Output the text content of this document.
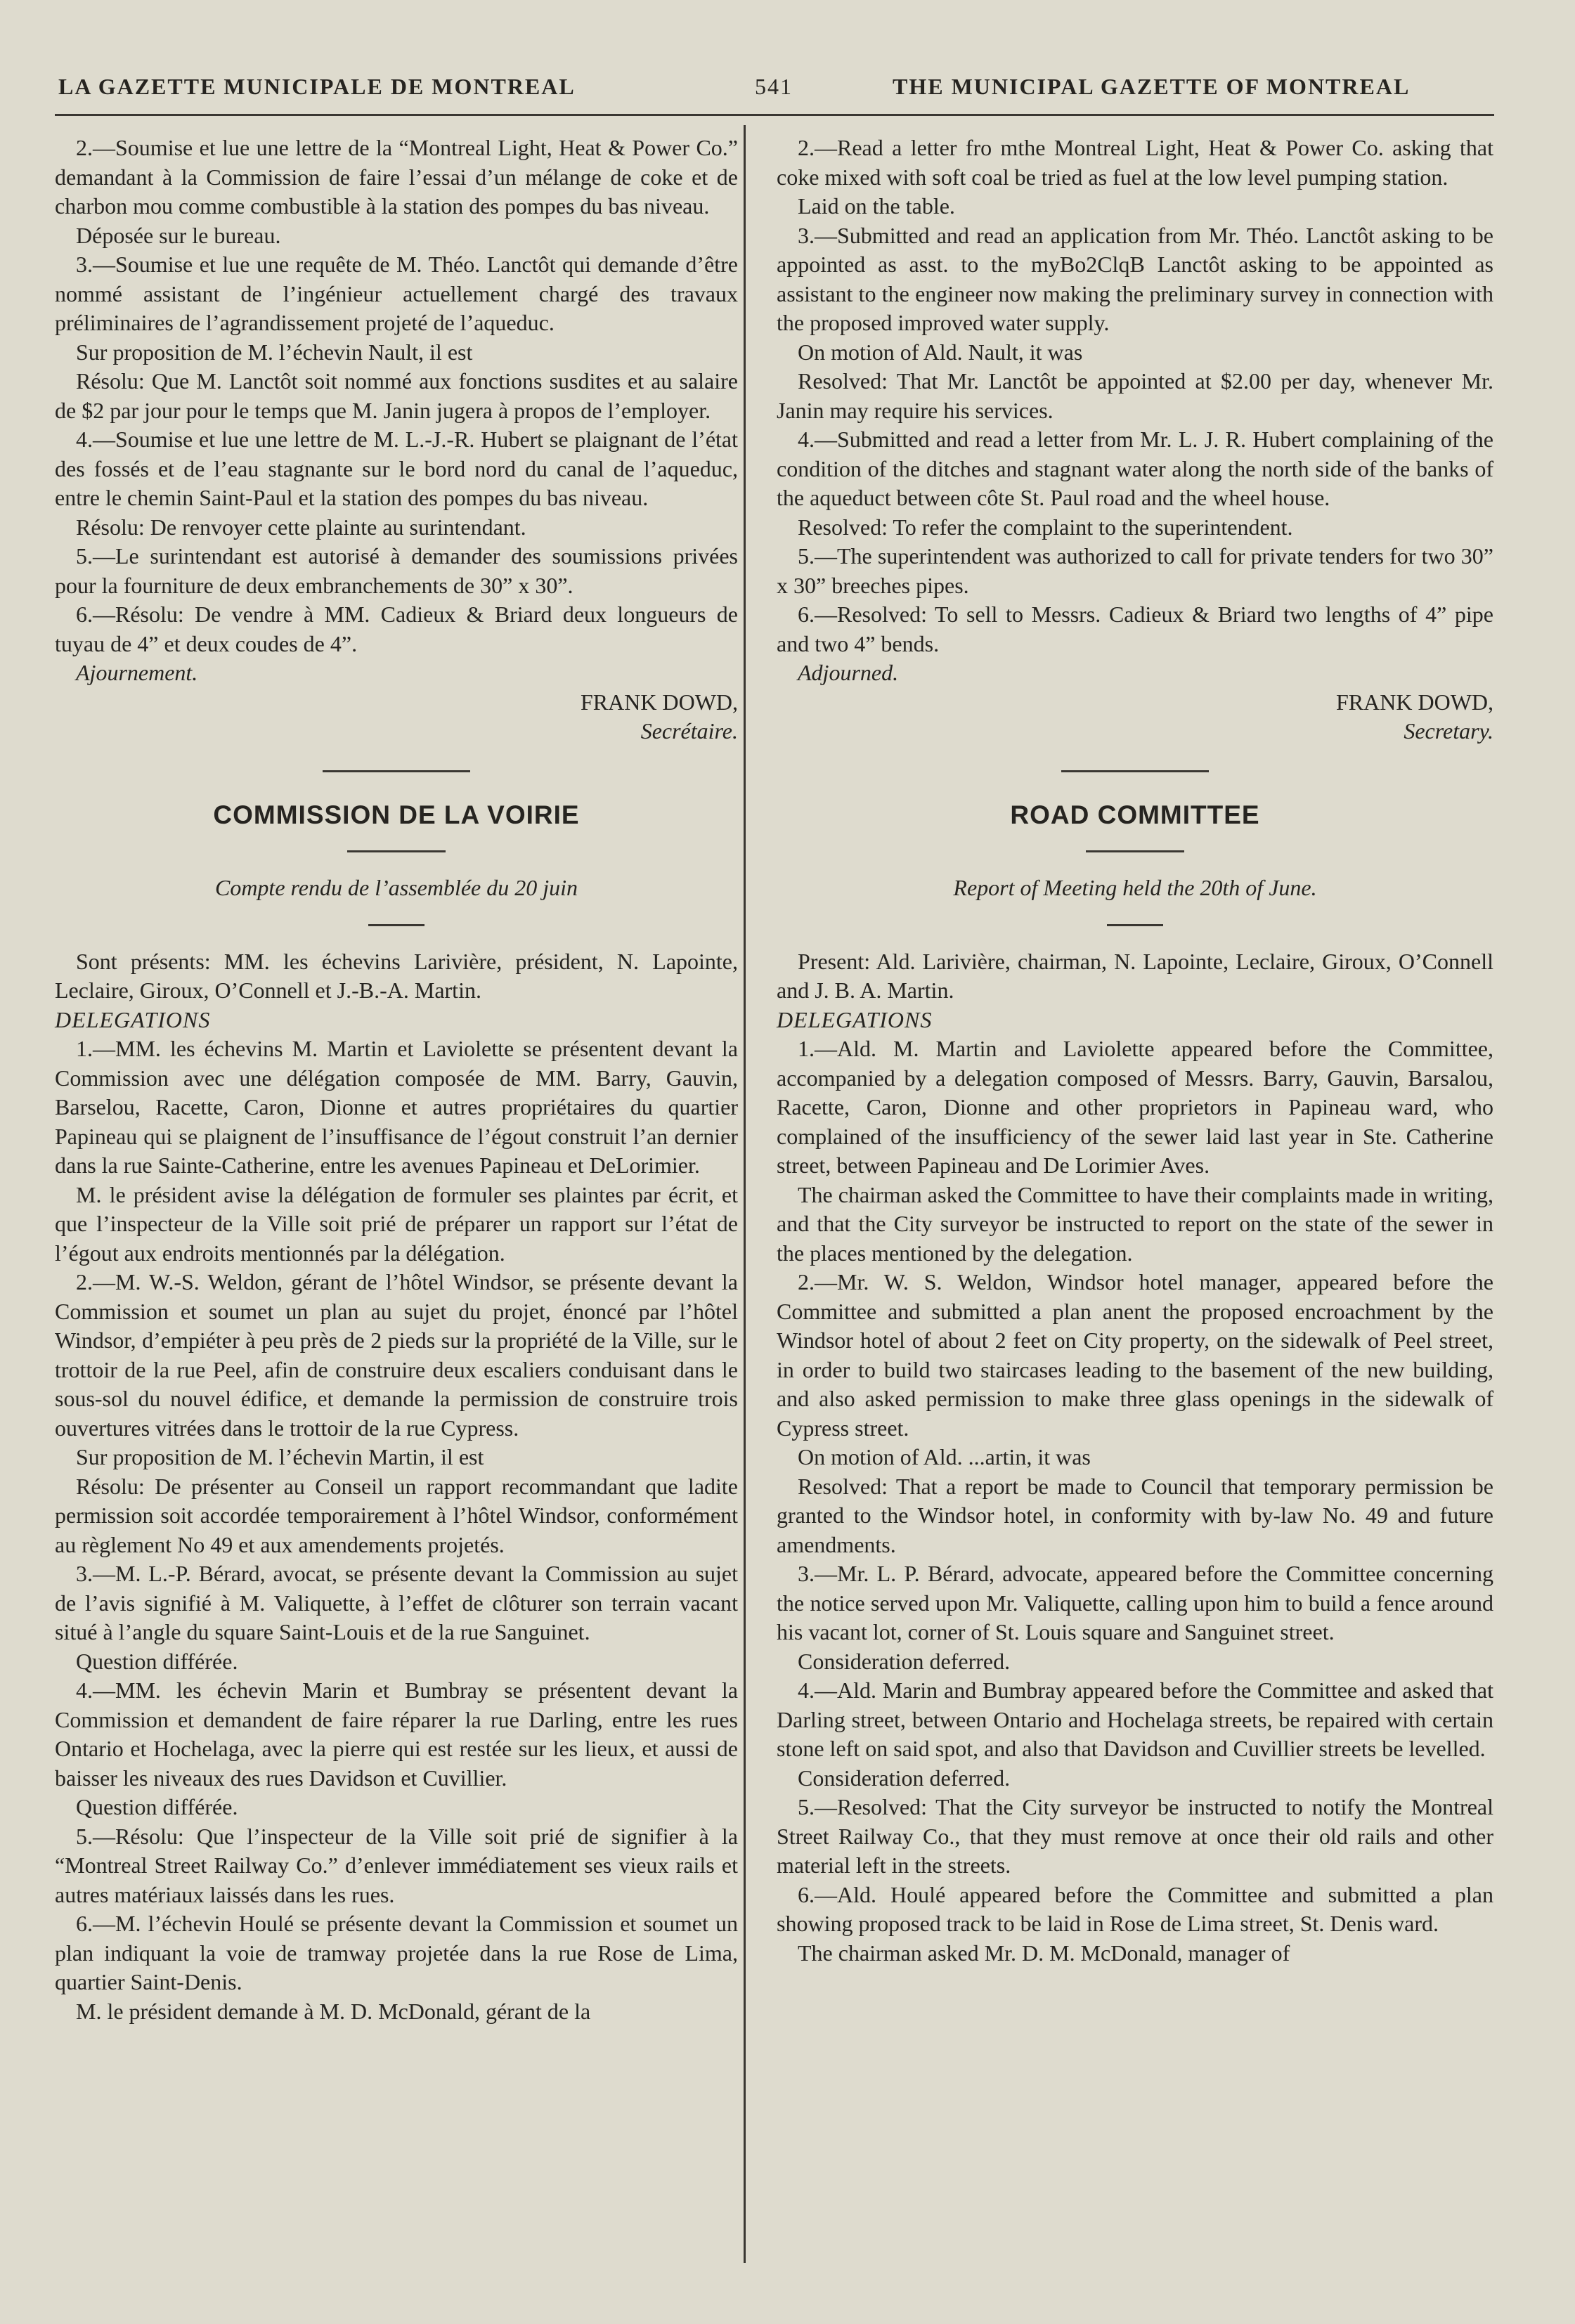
LA GAZETTE MUNICIPALE DE MONTREAL	541	THE MUNICIPAL GAZETTE OF MONTREAL

2.—Soumise et lue une lettre de la “Montreal Light, Heat & Power Co.” demandant à la Commission de faire l’essai d’un mélange de coke et de charbon mou comme combustible à la station des pompes du bas niveau.

Déposée sur le bureau.

3.—Soumise et lue une requête de M. Théo. Lanctôt qui demande d’être nommé assistant de l’ingénieur actuellement chargé des travaux préliminaires de l’agrandissement projeté de l’aqueduc.

Sur proposition de M. l’échevin Nault, il est

Résolu: Que M. Lanctôt soit nommé aux fonctions susdites et au salaire de $2 par jour pour le temps que M. Janin jugera à propos de l’employer.

4.—Soumise et lue une lettre de M. L.-J.-R. Hubert se plaignant de l’état des fossés et de l’eau stagnante sur le bord nord du canal de l’aqueduc, entre le chemin Saint-Paul et la station des pompes du bas niveau.

Résolu: De renvoyer cette plainte au surintendant.

5.—Le surintendant est autorisé à demander des soumissions privées pour la fourniture de deux embranchements de 30” x 30”.

6.—Résolu: De vendre à MM. Cadieux & Briard deux longueurs de tuyau de 4” et deux coudes de 4”.

Ajournement.

FRANK DOWD,

Secrétaire.

COMMISSION DE LA VOIRIE

Compte rendu de l’assemblée du 20 juin

Sont présents: MM. les échevins Larivière, président, N. Lapointe, Leclaire, Giroux, O’Connell et J.-B.-A. Martin.

DELEGATIONS

1.—MM. les échevins M. Martin et Laviolette se présentent devant la Commission avec une délégation composée de MM. Barry, Gauvin, Barselou, Racette, Caron, Dionne et autres propriétaires du quartier Papineau qui se plaignent de l’insuffisance de l’égout construit l’an dernier dans la rue Sainte-Catherine, entre les avenues Papineau et DeLorimier.

M. le président avise la délégation de formuler ses plaintes par écrit, et que l’inspecteur de la Ville soit prié de préparer un rapport sur l’état de l’égout aux endroits mentionnés par la délégation.

2.—M. W.-S. Weldon, gérant de l’hôtel Windsor, se présente devant la Commission et soumet un plan au sujet du projet, énoncé par l’hôtel Windsor, d’empiéter à peu près de 2 pieds sur la propriété de la Ville, sur le trottoir de la rue Peel, afin de construire deux escaliers conduisant dans le sous-sol du nouvel édifice, et demande la permission de construire trois ouvertures vitrées dans le trottoir de la rue Cypress.

Sur proposition de M. l’échevin Martin, il est

Résolu: De présenter au Conseil un rapport recommandant que ladite permission soit accordée temporairement à l’hôtel Windsor, conformément au règlement No 49 et aux amendements projetés.

3.—M. L.-P. Bérard, avocat, se présente devant la Commission au sujet de l’avis signifié à M. Valiquette, à l’effet de clôturer son terrain vacant situé à l’angle du square Saint-Louis et de la rue Sanguinet.

Question différée.

4.—MM. les échevin Marin et Bumbray se présentent devant la Commission et demandent de faire réparer la rue Darling, entre les rues Ontario et Hochelaga, avec la pierre qui est restée sur les lieux, et aussi de baisser les niveaux des rues Davidson et Cuvillier.

Question différée.

5.—Résolu: Que l’inspecteur de la Ville soit prié de signifier à la “Montreal Street Railway Co.” d’enlever immédiatement ses vieux rails et autres matériaux laissés dans les rues.

6.—M. l’échevin Houlé se présente devant la Commission et soumet un plan indiquant la voie de tramway projetée dans la rue Rose de Lima, quartier Saint-Denis.

M. le président demande à M. D. McDonald, gérant de la

2.—Read a letter fro mthe Montreal Light, Heat & Power Co. asking that coke mixed with soft coal be tried as fuel at the low level pumping station.

Laid on the table.

3.—Submitted and read an application from Mr. Théo. Lanctôt asking to be appointed as asst. to the myBo2ClqB Lanctôt asking to be appointed as assistant to the engineer now making the preliminary survey in connection with the proposed improved water supply.

On motion of Ald. Nault, it was

Resolved: That Mr. Lanctôt be appointed at $2.00 per day, whenever Mr. Janin may require his services.

4.—Submitted and read a letter from Mr. L. J. R. Hubert complaining of the condition of the ditches and stagnant water along the north side of the banks of the aqueduct between côte St. Paul road and the wheel house.

Resolved: To refer the complaint to the superintendent.

5.—The superintendent was authorized to call for private tenders for two 30” x 30” breeches pipes.

6.—Resolved: To sell to Messrs. Cadieux & Briard two lengths of 4” pipe and two 4” bends.

Adjourned.

FRANK DOWD,

Secretary.

ROAD COMMITTEE

Report of Meeting held the 20th of June.

Present: Ald. Larivière, chairman, N. Lapointe, Leclaire, Giroux, O’Connell and J. B. A. Martin.

DELEGATIONS

1.—Ald. M. Martin and Laviolette appeared before the Committee, accompanied by a delegation composed of Messrs. Barry, Gauvin, Barsalou, Racette, Caron, Dionne and other proprietors in Papineau ward, who complained of the insufficiency of the sewer laid last year in Ste. Catherine street, between Papineau and De Lorimier Aves.

The chairman asked the Committee to have their complaints made in writing, and that the City surveyor be instructed to report on the state of the sewer in the places mentioned by the delegation.

2.—Mr. W. S. Weldon, Windsor hotel manager, appeared before the Committee and submitted a plan anent the proposed encroachment by the Windsor hotel of about 2 feet on City property, on the sidewalk of Peel street, in order to build two staircases leading to the basement of the new building, and also asked permission to make three glass openings in the sidewalk of Cypress street.

On motion of Ald. ...artin, it was

Resolved: That a report be made to Council that temporary permission be granted to the Windsor hotel, in conformity with by-law No. 49 and future amendments.

3.—Mr. L. P. Bérard, advocate, appeared before the Committee concerning the notice served upon Mr. Valiquette, calling upon him to build a fence around his vacant lot, corner of St. Louis square and Sanguinet street.

Consideration deferred.

4.—Ald. Marin and Bumbray appeared before the Committee and asked that Darling street, between Ontario and Hochelaga streets, be repaired with certain stone left on said spot, and also that Davidson and Cuvillier streets be levelled.

Consideration deferred.

5.—Resolved: That the City surveyor be instructed to notify the Montreal Street Railway Co., that they must remove at once their old rails and other material left in the streets.

6.—Ald. Houlé appeared before the Committee and submitted a plan showing proposed track to be laid in Rose de Lima street, St. Denis ward.

The chairman asked Mr. D. M. McDonald, manager of
